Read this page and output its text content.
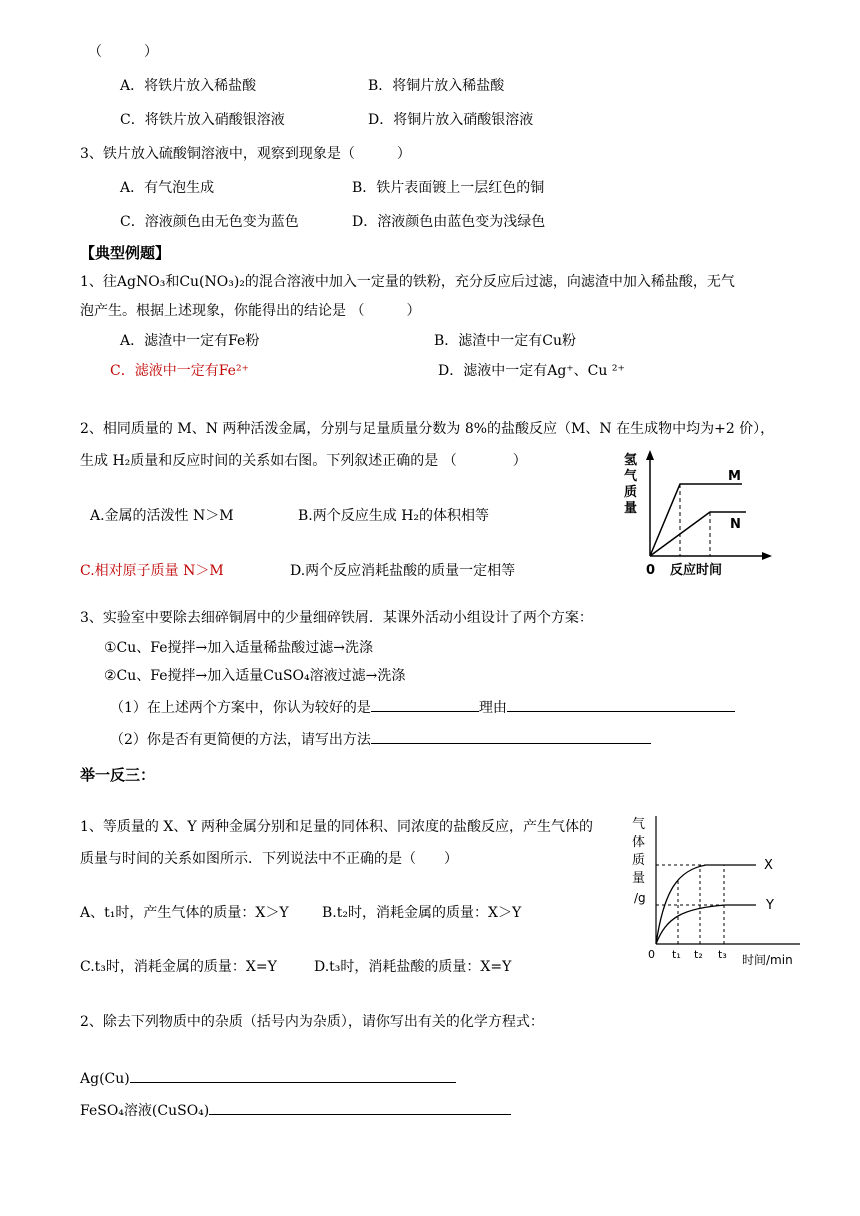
（　　　）
A．将铁片放入稀盐酸	B．将铜片放入稀盐酸
C．将铁片放入硝酸银溶液	D．将铜片放入硝酸银溶液
3、铁片放入硫酸铜溶液中，观察到现象是（　　　）
A．有气泡生成	B．铁片表面镀上一层红色的铜
C．溶液颜色由无色变为蓝色	D．溶液颜色由蓝色变为浅绿色
【典型例题】
1、往AgNO₃和Cu(NO₃)₂的混合溶液中加入一定量的铁粉，充分反应后过滤，向滤渣中加入稀盐酸，无气
泡产生。根据上述现象，你能得出的结论是 （　　　）
A．滤渣中一定有Fe粉	B．滤渣中一定有Cu粉
C．滤液中一定有Fe²⁺	D．滤液中一定有Ag⁺、Cu ²⁺
2、相同质量的 M、N 两种活泼金属，分别与足量质量分数为 8%的盐酸反应（M、N 在生成物中均为+2 价），
生成 H₂质量和反应时间的关系如右图。下列叙述正确的是 （　　　　）
A.金属的活泼性 N＞M	B.两个反应生成 H₂的体积相等
C.相对原子质量 N＞M	D.两个反应消耗盐酸的质量一定相等
氢
气
质
量
M
N
0 反应时间
3、实验室中要除去细碎铜屑中的少量细碎铁屑．某课外活动小组设计了两个方案：
①Cu、Fe搅拌→加入适量稀盐酸过滤→洗涤
②Cu、Fe搅拌→加入适量CuSO₄溶液过滤→洗涤
（1）在上述两个方案中，你认为较好的是	理由
（2）你是否有更简便的方法，请写出方法
举一反三：
1、等质量的 X、Y 两种金属分别和足量的同体积、同浓度的盐酸反应，产生气体的
质量与时间的关系如图所示．下列说法中不正确的是（　　）
A、t₁时，产生气体的质量：X＞Y B.t₂时，消耗金属的质量：X＞Y
C.t₃时，消耗金属的质量：X=Y	D.t₃时，消耗盐酸的质量：X=Y
气
体
质
量
/g
X
Y
0 t₁ t₂ t₃ 时间/min
2、除去下列物质中的杂质（括号内为杂质），请你写出有关的化学方程式：
Ag(Cu)
FeSO₄溶液(CuSO₄)
